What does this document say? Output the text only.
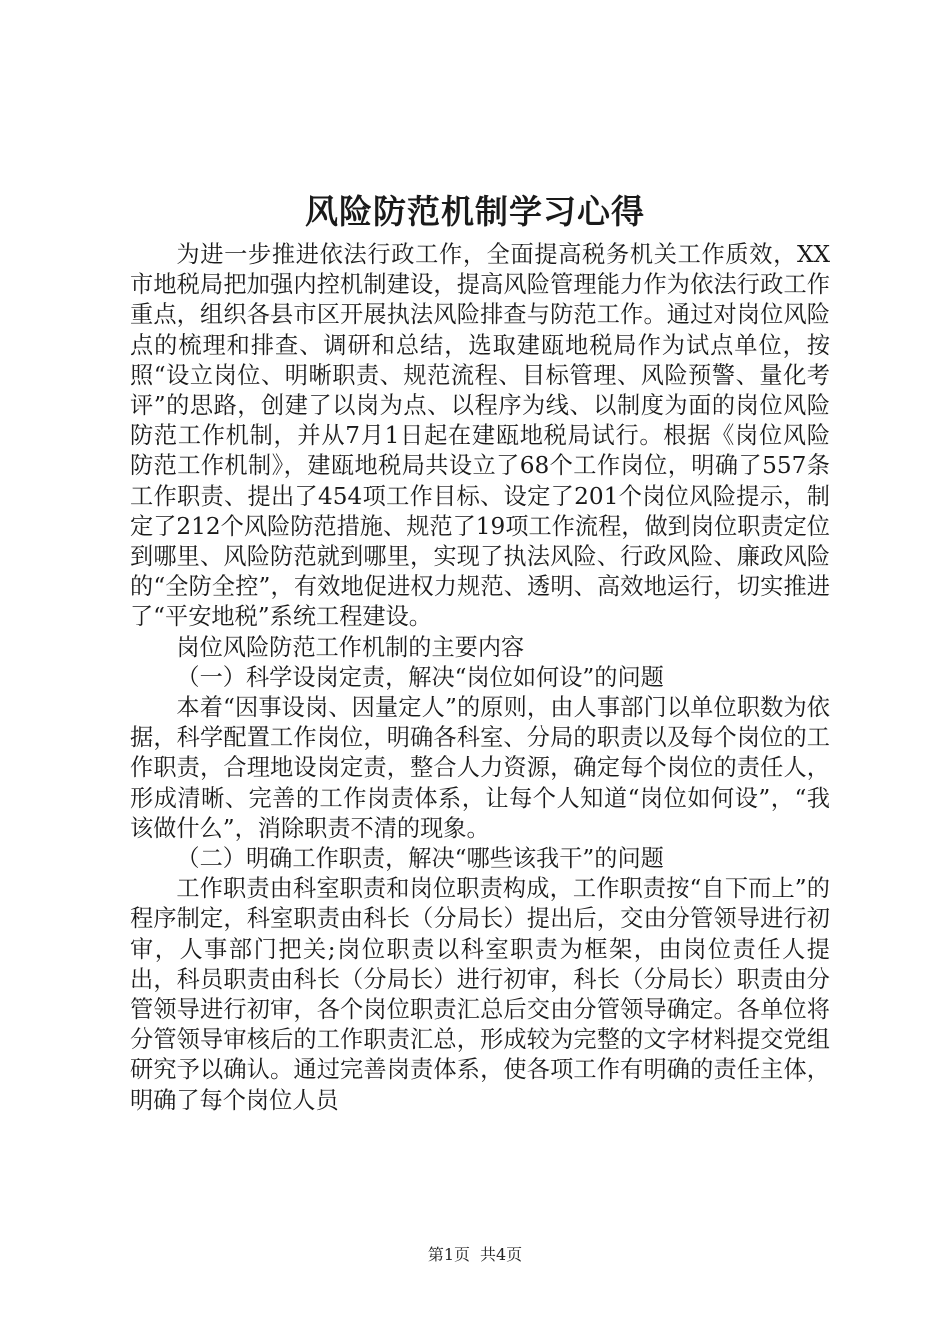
风险防范机制学习心得

为进一步推进依法行政工作，全面提高税务机关工作质效，XX市地税局把加强内控机制建设，提高风险管理能力作为依法行政工作重点，组织各县市区开展执法风险排查与防范工作。通过对岗位风险点的梳理和排查、调研和总结，选取建瓯地税局作为试点单位，按照“设立岗位、明晰职责、规范流程、目标管理、风险预警、量化考评”的思路，创建了以岗为点、以程序为线、以制度为面的岗位风险防范工作机制，并从7月1日起在建瓯地税局试行。根据《岗位风险防范工作机制》，建瓯地税局共设立了68个工作岗位，明确了557条工作职责、提出了454项工作目标、设定了201个岗位风险提示，制定了212个风险防范措施、规范了19项工作流程，做到岗位职责定位到哪里、风险防范就到哪里，实现了执法风险、行政风险、廉政风险的“全防全控”，有效地促进权力规范、透明、高效地运行，切实推进了“平安地税”系统工程建设。

岗位风险防范工作机制的主要内容

（一）科学设岗定责，解决“岗位如何设”的问题

本着“因事设岗、因量定人”的原则，由人事部门以单位职数为依据，科学配置工作岗位，明确各科室、分局的职责以及每个岗位的工作职责，合理地设岗定责，整合人力资源，确定每个岗位的责任人，形成清晰、完善的工作岗责体系，让每个人知道“岗位如何设”，“我该做什么”，消除职责不清的现象。

（二）明确工作职责，解决“哪些该我干”的问题

工作职责由科室职责和岗位职责构成，工作职责按“自下而上”的程序制定，科室职责由科长（分局长）提出后，交由分管领导进行初审，人事部门把关;岗位职责以科室职责为框架，由岗位责任人提出，科员职责由科长（分局长）进行初审，科长（分局长）职责由分管领导进行初审，各个岗位职责汇总后交由分管领导确定。各单位将分管领导审核后的工作职责汇总，形成较为完整的文字材料提交党组研究予以确认。通过完善岗责体系，使各项工作有明确的责任主体，明确了每个岗位人员

第1页 共4页
